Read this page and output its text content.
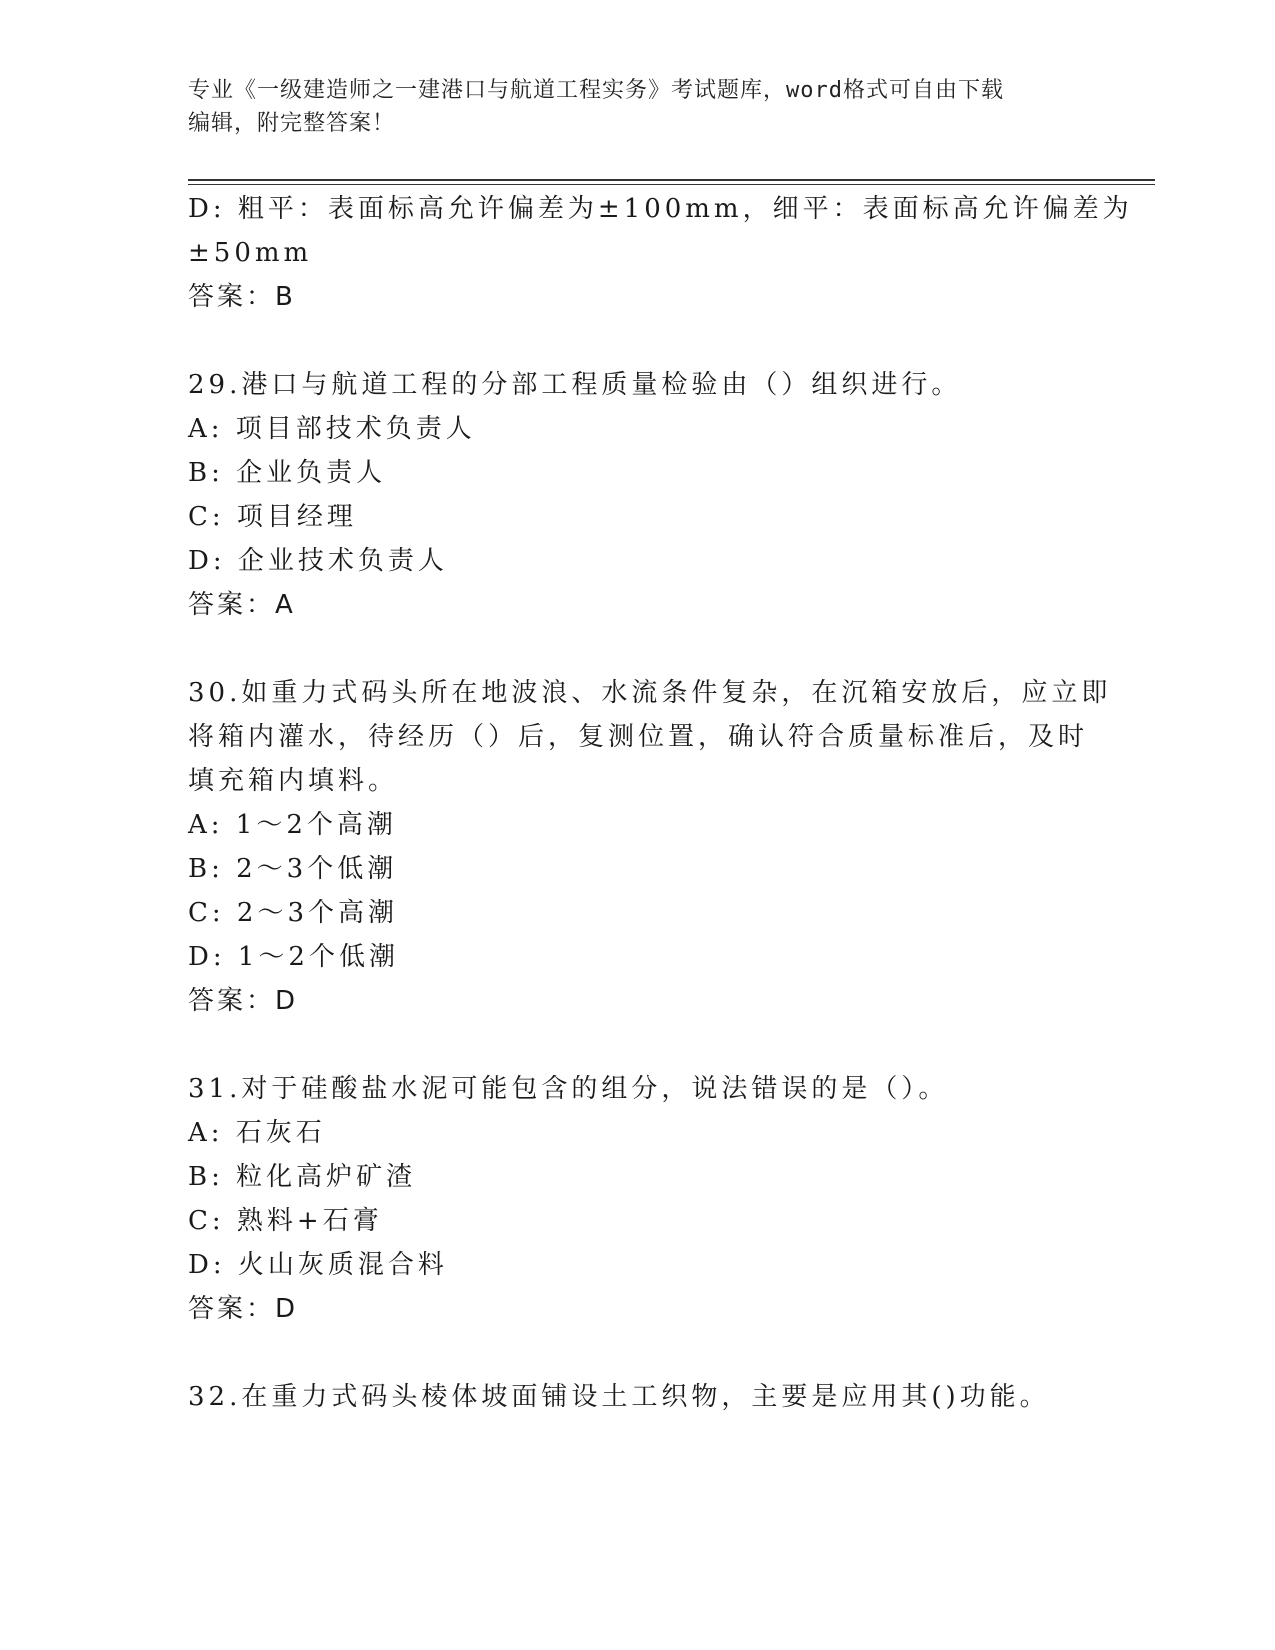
专业《一级建造师之一建港口与航道工程实务》考试题库，word格式可自由下载
编辑，附完整答案！
D: 粗平：表面标高允许偏差为±100mm，细平：表面标高允许偏差为
±50mm
答案：B
29.港口与航道工程的分部工程质量检验由（）组织进行。
A: 项目部技术负责人
B: 企业负责人
C: 项目经理
D: 企业技术负责人
答案：A
30.如重力式码头所在地波浪、水流条件复杂，在沉箱安放后，应立即
将箱内灌水，待经历（）后，复测位置，确认符合质量标准后，及时
填充箱内填料。
A: 1～2个高潮
B: 2～3个低潮
C: 2～3个高潮
D: 1～2个低潮
答案：D
31.对于硅酸盐水泥可能包含的组分，说法错误的是（）。
A: 石灰石
B: 粒化高炉矿渣
C: 熟料+石膏
D: 火山灰质混合料
答案：D
32.在重力式码头棱体坡面铺设土工织物，主要是应用其()功能。
